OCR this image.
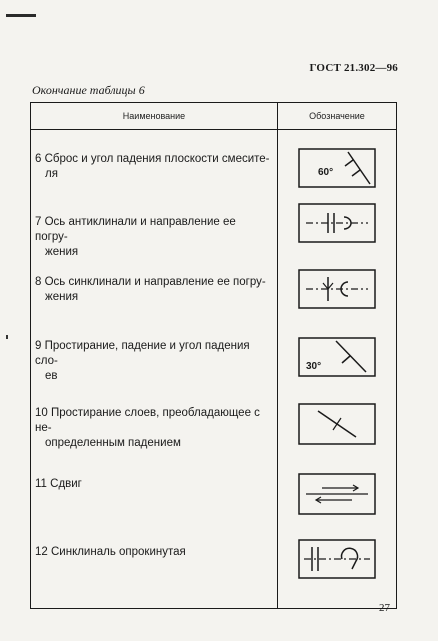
ГОСТ 21.302—96
Окончание таблицы 6
Наименование	Обозначение

6 Сброс и угол падения плоскости смесите-
ля	60°

7 Ось антиклинали и направление ее погру-
жения

8 Ось синклинали и направление ее погру-
жения

9 Простирание, падение и угол падения сло-
ев	30°

10 Простирание слоев, преобладающее с не-
определенным падением

11 Сдвиг

12 Синклиналь опрокинутая

27
